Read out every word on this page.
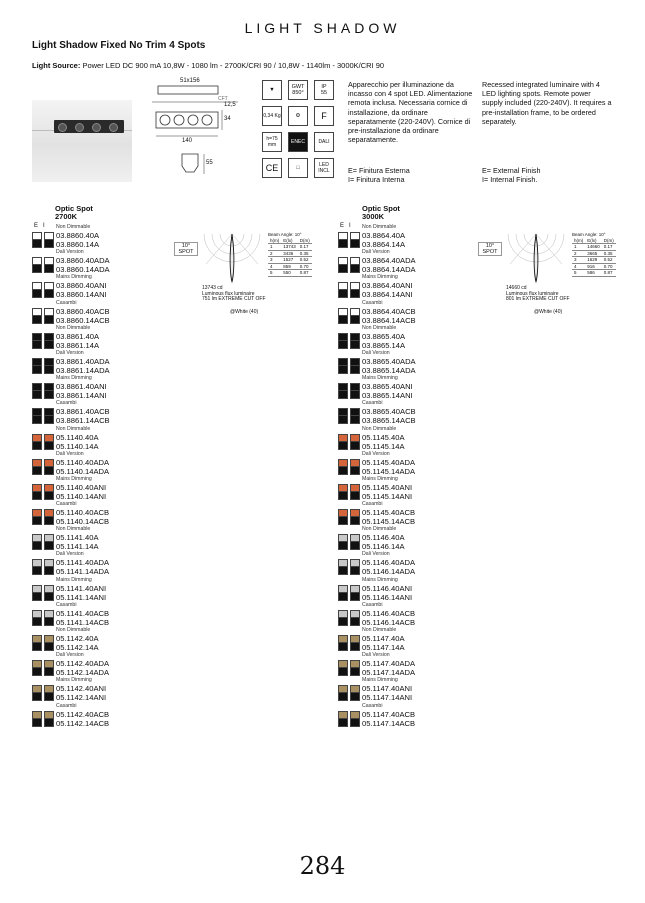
LIGHT SHADOW
Light Shadow Fixed No Trim 4 Spots
Light Source: Power LED DC 900 mA 10,8W - 1080 lm - 2700K/CRI 90 / 10,8W - 1140lm - 3000K/CRI 90
51x156
CFT
12,5
34
140
55
▼	GWT
850°
IP
55
0,34 Kg	⚙	F
h=75 mm	ENEC	DALI
CE	□	LED INCL
Apparecchio per illuminazione da incasso con 4 spot LED. Alimentazione remota inclusa. Necessaria cornice di installazione, da ordinare separatamente (220-240V). Cornice di pre-installazione da ordinare separatamente.
Recessed integrated luminaire with 4 LED lighting spots. Remote power supply included (220-240V). It requires a pre-installation frame, to be ordered separately.
E= Finitura Esterna
I= Finitura Interna
E= External Finish
I= Internal Finish.
Optic Spot
2700K
E   I	Non Dimmable
03.8860.40A
03.8860.14A
Dali Version
03.8860.40ADA
03.8860.14ADA
Mains Dimming
03.8860.40ANI
03.8860.14ANI
Casambi
03.8860.40ACB
03.8860.14ACB
Non Dimmable
03.8861.40A
03.8861.14A
Dali Version
03.8861.40ADA
03.8861.14ADA
Mains Dimming
03.8861.40ANI
03.8861.14ANI
Casambi
03.8861.40ACB
03.8861.14ACB
Non Dimmable
05.1140.40A
05.1140.14A
Dali Version
05.1140.40ADA
05.1140.14ADA
Mains Dimming
05.1140.40ANI
05.1140.14ANI
Casambi
05.1140.40ACB
05.1140.14ACB
Non Dimmable
05.1141.40A
05.1141.14A
Dali Version
05.1141.40ADA
05.1141.14ADA
Mains Dimming
05.1141.40ANI
05.1141.14ANI
Casambi
05.1141.40ACB
05.1141.14ACB
Non Dimmable
05.1142.40A
05.1142.14A
Dali Version
05.1142.40ADA
05.1142.14ADA
Mains Dimming
05.1142.40ANI
05.1142.14ANI
Casambi
05.1142.40ACB
05.1142.14ACB
10°
SPOT
13743 cd
Luminous flux luminaire
751 lm EXTREME CUT OFF
@White (40)
Beam Angle: 10°
h(m)	E(lx)	D(m)
1	13743	0.17
2	3436	0.35
3	1527	0.52
4	859	0.70
5	550	0.87
Optic Spot
3000K
E   I	Non Dimmable
03.8864.40A
03.8864.14A
Dali Version
03.8864.40ADA
03.8864.14ADA
Mains Dimming
03.8864.40ANI
03.8864.14ANI
Casambi
03.8864.40ACB
03.8864.14ACB
Non Dimmable
03.8865.40A
03.8865.14A
Dali Version
03.8865.40ADA
03.8865.14ADA
Mains Dimming
03.8865.40ANI
03.8865.14ANI
Casambi
03.8865.40ACB
03.8865.14ACB
Non Dimmable
05.1145.40A
05.1145.14A
Dali Version
05.1145.40ADA
05.1145.14ADA
Mains Dimming
05.1145.40ANI
05.1145.14ANI
Casambi
05.1145.40ACB
05.1145.14ACB
Non Dimmable
05.1146.40A
05.1146.14A
Dali Version
05.1146.40ADA
05.1146.14ADA
Mains Dimming
05.1146.40ANI
05.1146.14ANI
Casambi
05.1146.40ACB
05.1146.14ACB
Non Dimmable
05.1147.40A
05.1147.14A
Dali Version
05.1147.40ADA
05.1147.14ADA
Mains Dimming
05.1147.40ANI
05.1147.14ANI
Casambi
05.1147.40ACB
05.1147.14ACB
10°
SPOT
14660 cd
Luminous flux luminaire
801 lm EXTREME CUT OFF
@White (40)
Beam Angle: 10°
h(m)	E(lx)	D(m)
1	14660	0.17
2	3665	0.35
3	1629	0.52
4	916	0.70
5	586	0.87
284
